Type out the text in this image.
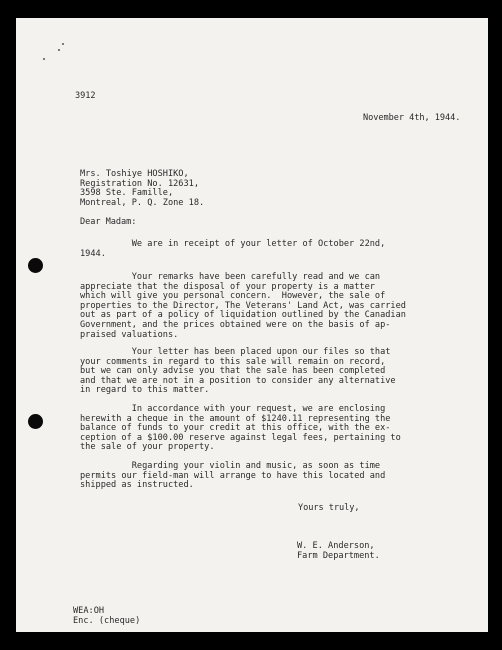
3912
November 4th, 1944.
Mrs. Toshiye HOSHIKO,
Registration No. 12631,
3598 Ste. Famille,
Montreal, P. Q. Zone 18.
Dear Madam:
We are in receipt of your letter of October 22nd,
1944.
Your remarks have been carefully read and we can
appreciate that the disposal of your property is a matter
which will give you personal concern.  However, the sale of
properties to the Director, The Veterans' Land Act, was carried
out as part of a policy of liquidation outlined by the Canadian
Government, and the prices obtained were on the basis of ap-
praised valuations.
Your letter has been placed upon our files so that
your comments in regard to this sale will remain on record,
but we can only advise you that the sale has been completed
and that we are not in a position to consider any alternative
in regard to this matter.
In accordance with your request, we are enclosing
herewith a cheque in the amount of $1240.11 representing the
balance of funds to your credit at this office, with the ex-
ception of a $100.00 reserve against legal fees, pertaining to
the sale of your property.
Regarding your violin and music, as soon as time
permits our field-man will arrange to have this located and
shipped as instructed.
Yours truly,
W. E. Anderson,
Farm Department.
WEA:OH
Enc. (cheque)
